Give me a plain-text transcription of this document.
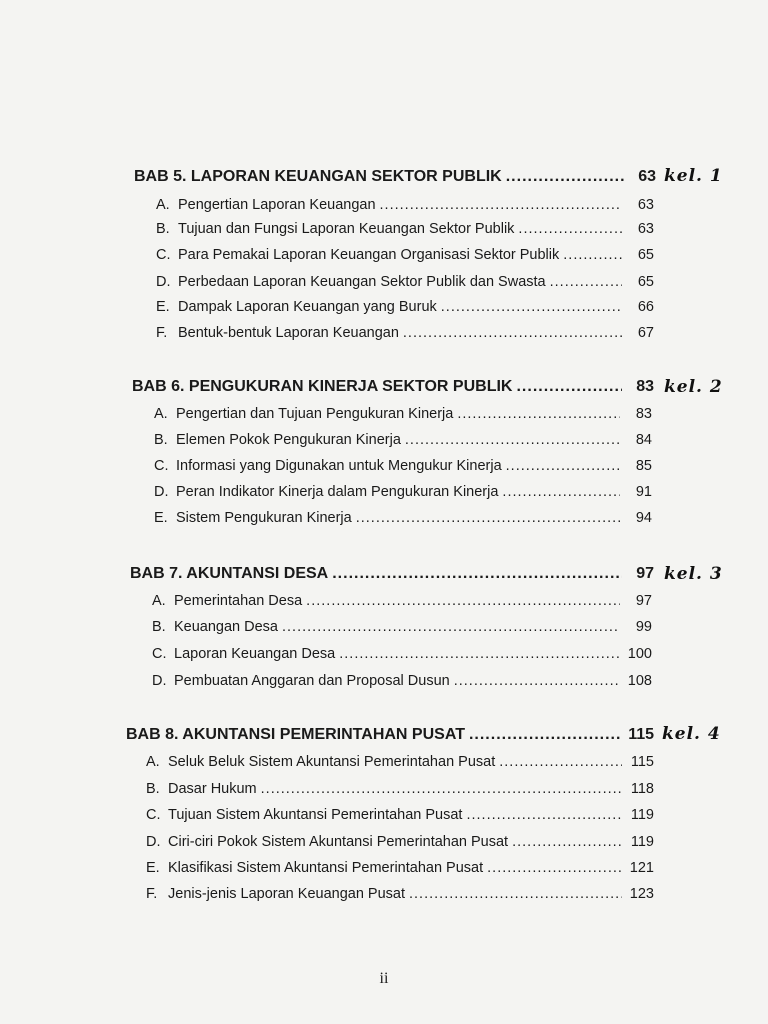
BAB 5. LAPORAN KEUANGAN SEKTOR PUBLIK .....	63 kel. 1
A. Pengertian Laporan Keuangan .....	63
B. Tujuan dan Fungsi Laporan Keuangan Sektor Publik .....	63
C. Para Pemakai Laporan Keuangan Organisasi Sektor Publik .....	65
D. Perbedaan Laporan Keuangan Sektor Publik dan Swasta .....	65
E. Dampak Laporan Keuangan yang Buruk .....	66
F. Bentuk-bentuk Laporan Keuangan .....	67
BAB 6. PENGUKURAN KINERJA SEKTOR PUBLIK .....	83 kel. 2
A. Pengertian dan Tujuan Pengukuran Kinerja .....	83
B. Elemen Pokok Pengukuran Kinerja .....	84
C. Informasi yang Digunakan untuk Mengukur Kinerja .....	85
D. Peran Indikator Kinerja dalam Pengukuran Kinerja .....	91
E. Sistem Pengukuran Kinerja .....	94
BAB 7. AKUNTANSI DESA .....	97 kel. 3
A. Pemerintahan Desa .....	97
B. Keuangan Desa .....	99
C. Laporan Keuangan Desa .....	100
D. Pembuatan Anggaran dan Proposal Dusun .....	108
BAB 8. AKUNTANSI PEMERINTAHAN PUSAT .....	115 kel. 4
A. Seluk Beluk Sistem Akuntansi Pemerintahan Pusat .....	115
B. Dasar Hukum .....	118
C. Tujuan Sistem Akuntansi Pemerintahan Pusat .....	119
D. Ciri-ciri Pokok Sistem Akuntansi Pemerintahan Pusat .....	119
E. Klasifikasi Sistem Akuntansi Pemerintahan Pusat .....	121
F. Jenis-jenis Laporan Keuangan Pusat .....	123
ii
